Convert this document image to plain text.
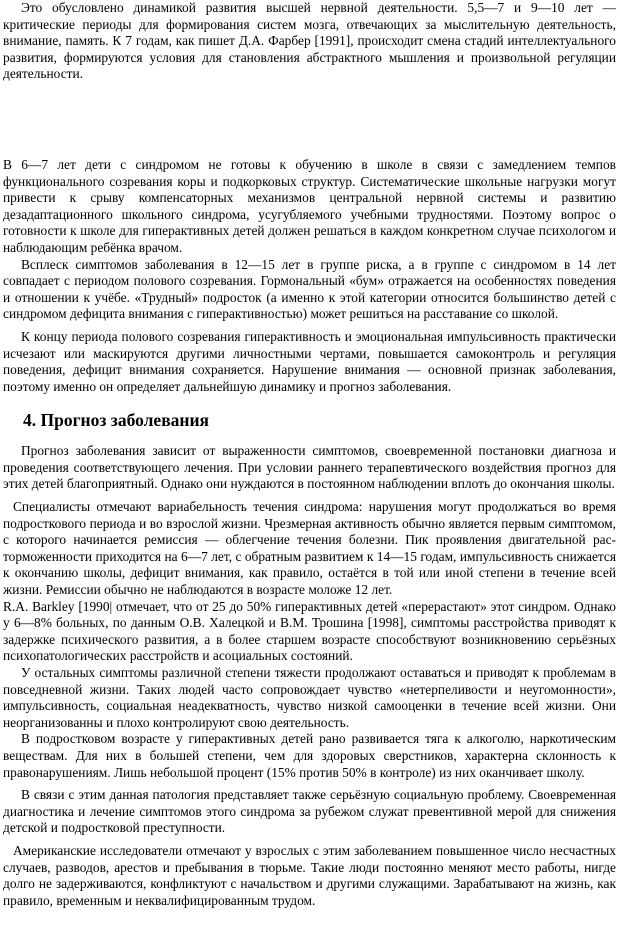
Это обусловлено динамикой развития высшей нервной деятельности. 5,5—7 и 9—10 лет — критические периоды для формирования систем мозга, отвечающих за мыслительную деятельность, внимание, память. К 7 годам, как пишет Д.А. Фарбер [1991], происходит смена стадий интеллектуального развития, формируются условия для становления абстрактного мышления и произвольной регуляции деятельности.

В 6—7 лет дети с синдромом не готовы к обучению в школе в связи с замедлением темпов функционального созревания коры и подкорковых структур. Систематические школьные нагрузки могут привести к срыву компенсаторных механизмов центральной нервной системы и развитию дезадаптационного школьного синдрома, усугубляемого учебными трудностями. Поэтому вопрос о готовности к школе для гиперактивных детей должен решаться в каждом конкретном случае психологом и наблюдающим ребёнка врачом.

Всплеск симптомов заболевания в 12—15 лет в группе риска, а в группе с синдромом в 14 лет совпадает с периодом полового созревания. Гормональный «бум» отражается на особенностях поведения и отношении к учёбе. «Трудный» подросток (а именно к этой категории относится большинство детей с синдромом дефицита внимания с гиперактивностью) может решиться на расставание со школой.

К концу периода полового созревания гиперактивность и эмоциональная импульсивность практически исчезают или маскируются другими личностными чертами, повышается самоконтроль и регуляция поведения, дефицит внимания сохраняется. Нарушение внимания — основной признак заболевания, поэтому именно он определяет дальнейшую динамику и прогноз заболевания.

4. Прогноз заболевания

Прогноз заболевания зависит от выраженности симптомов, своевременной постановки диагноза и проведения соответствующего лечения. При условии раннего терапевтического воздействия прогноз для этих детей благоприятный. Однако они нуждаются в постоянном наблюдении вплоть до окончания школы.

Специалисты отмечают вариабельность течения синдрома: нарушения могут продолжаться во время подросткового периода и во взрослой жизни. Чрезмерная активность обычно является первым симптомом, с которого начинается ремиссия — облегчение течения болезни. Пик проявления двигательной рас-торможенности приходится на 6—7 лет, с обратным развитием к 14—15 годам, импульсивность снижается к окончанию школы, дефицит внимания, как правило, остаётся в той или иной степени в течение всей жизни. Ремиссии обычно не наблюдаются в возрасте моложе 12 лет.

R.A. Barkley [1990| отмечает, что от 25 до 50% гиперактивных детей «перерастают» этот синдром. Однако у 6—8% больных, по данным О.В. Халецкой и В.М. Трошина [1998], симптомы расстройства приводят к задержке психического развития, а в более старшем возрасте способствуют возникновению серьёзных психопатологических расстройств и асоциальных состояний.

У остальных симптомы различной степени тяжести продолжают оставаться и приводят к проблемам в повседневной жизни. Таких людей часто сопровождает чувство «нетерпеливости и неугомонности», импульсивность, социальная неадекватность, чувство низкой самооценки в течение всей жизни. Они неорганизованны и плохо контролируют свою деятельность.

В подростковом возрасте у гиперактивных детей рано развивается тяга к алкоголю, наркотическим веществам. Для них в большей степени, чем для здоровых сверстников, характерна склонность к правонарушениям. Лишь небольшой процент (15% против 50% в контроле) из них оканчивает школу.

В связи с этим данная патология представляет также серьёзную социальную проблему. Своевременная диагностика и лечение симптомов этого синдрома за рубежом служат превентивной мерой для снижения детской и подростковой преступности.

Американские исследователи отмечают у взрослых с этим заболеванием повышенное число несчастных случаев, разводов, арестов и пребывания в тюрьме. Такие люди постоянно меняют место работы, нигде долго не задерживаются, конфликтуют с начальством и другими служащими. Зарабатывают на жизнь, как правило, временным и неквалифицированным трудом.
